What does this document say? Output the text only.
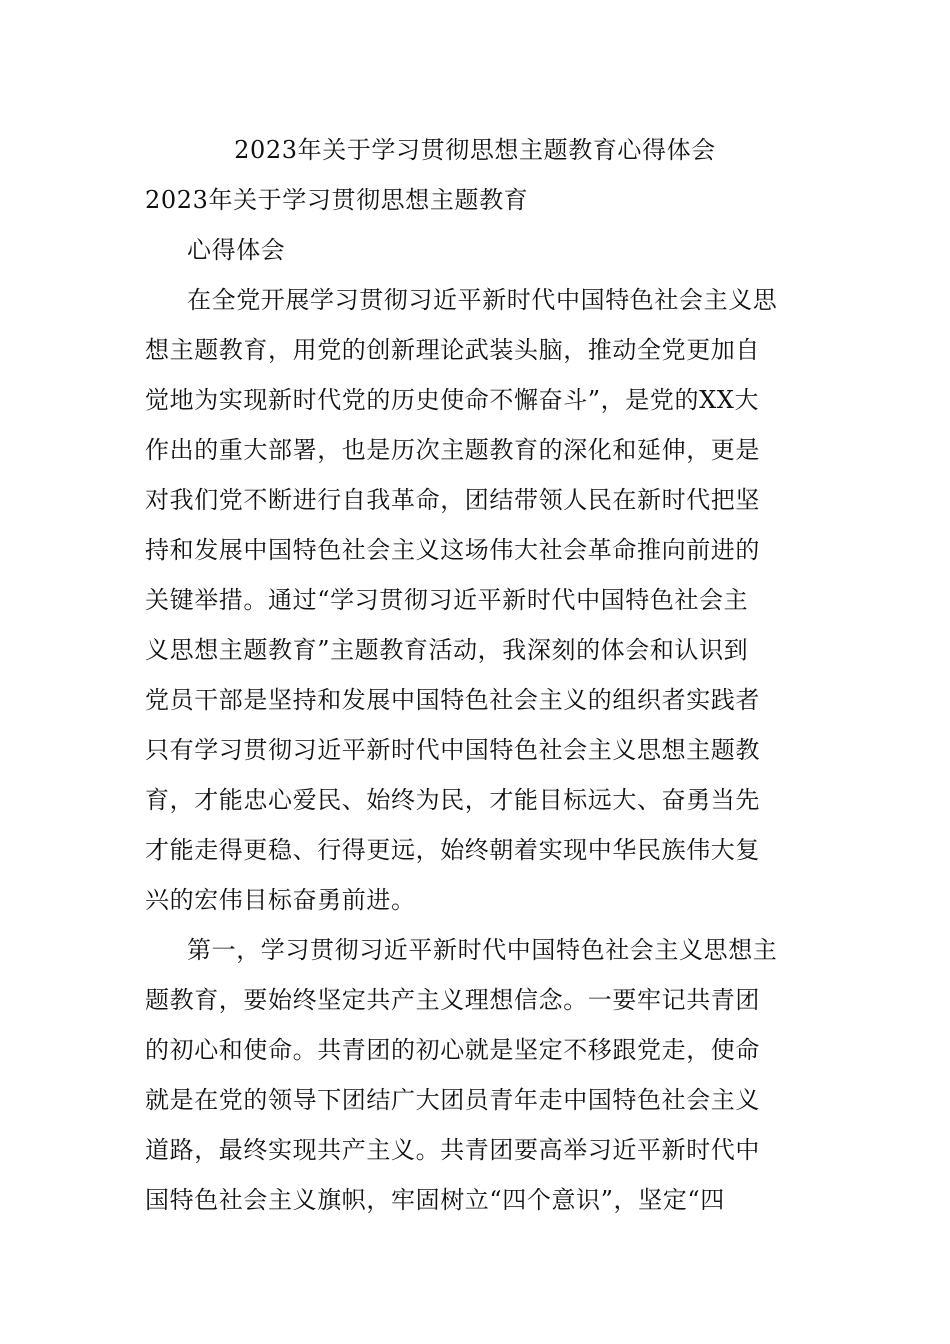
2023年关于学习贯彻思想主题教育心得体会
2023年关于学习贯彻思想主题教育
心得体会
在全党开展学习贯彻习近平新时代中国特色社会主义思
想主题教育，用党的创新理论武装头脑，推动全党更加自
觉地为实现新时代党的历史使命不懈奋斗”，是党的XX大
作出的重大部署，也是历次主题教育的深化和延伸，更是
对我们党不断进行自我革命，团结带领人民在新时代把坚
持和发展中国特色社会主义这场伟大社会革命推向前进的
关键举措。通过“学习贯彻习近平新时代中国特色社会主
义思想主题教育”主题教育活动，我深刻的体会和认识到
党员干部是坚持和发展中国特色社会主义的组织者实践者
只有学习贯彻习近平新时代中国特色社会主义思想主题教
育，才能忠心爱民、始终为民，才能目标远大、奋勇当先
才能走得更稳、行得更远，始终朝着实现中华民族伟大复
兴的宏伟目标奋勇前进。
第一，学习贯彻习近平新时代中国特色社会主义思想主
题教育，要始终坚定共产主义理想信念。一要牢记共青团
的初心和使命。共青团的初心就是坚定不移跟党走，使命
就是在党的领导下团结广大团员青年走中国特色社会主义
道路，最终实现共产主义。共青团要高举习近平新时代中
国特色社会主义旗帜，牢固树立“四个意识”，坚定“四
